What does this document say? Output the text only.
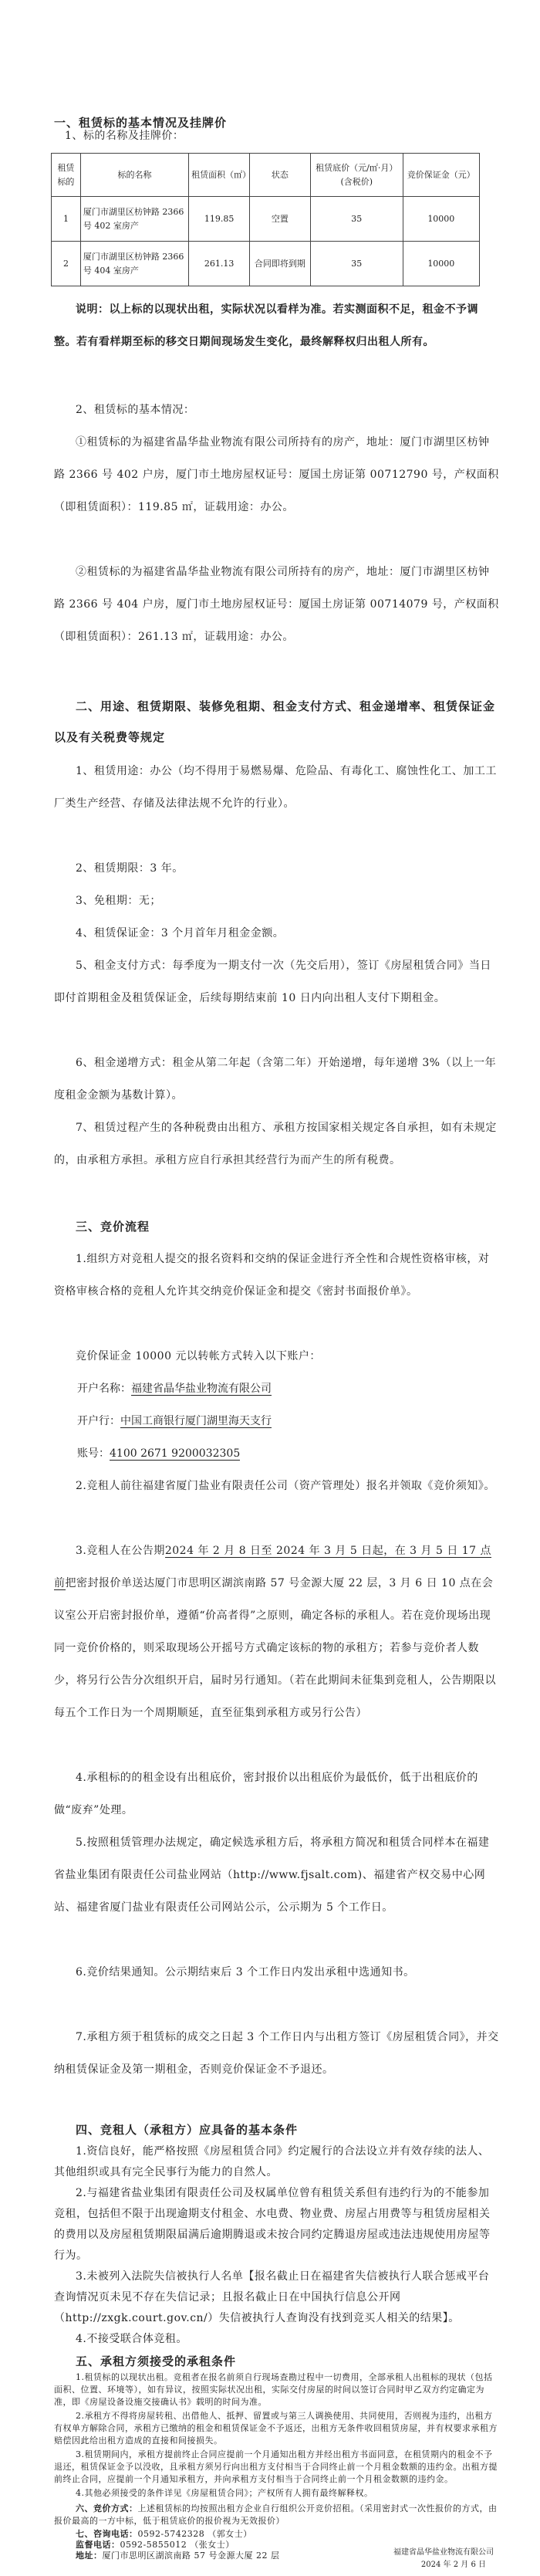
一、租赁标的基本情况及挂牌价
1、标的名称及挂牌价：
租赁标的	标的名称	租赁面积（㎡）	状态	租赁底价（元/㎡·月）(含税价)	竞价保证金（元）
1	厦门市湖里区枋钟路 2366 号 402 室房产	119.85	空置	35	10000
2	厦门市湖里区枋钟路 2366 号 404 室房产	261.13	合同即将到期	35	10000
说明：以上标的以现状出租，实际状况以看样为准。若实测面积不足，租金不予调整。若有看样期至标的移交日期间现场发生变化，最终解释权归出租人所有。
2、租赁标的基本情况：
①租赁标的为福建省晶华盐业物流有限公司所持有的房产，地址：厦门市湖里区枋钟路 2366 号 402 户房，厦门市土地房屋权证号：厦国土房证第 00712790 号，产权面积（即租赁面积）：119.85 ㎡，证载用途：办公。
②租赁标的为福建省晶华盐业物流有限公司所持有的房产，地址：厦门市湖里区枋钟路 2366 号 404 户房，厦门市土地房屋权证号：厦国土房证第 00714079 号，产权面积（即租赁面积）：261.13 ㎡，证载用途：办公。
二、用途、租赁期限、装修免租期、租金支付方式、租金递增率、租赁保证金以及有关税费等规定
1、租赁用途：办公（均不得用于易燃易爆、危险品、有毒化工、腐蚀性化工、加工工厂类生产经营、存储及法律法规不允许的行业）。
2、租赁期限：3 年。
3、免租期：无；
4、租赁保证金：3 个月首年月租金金额。
5、租金支付方式：每季度为一期支付一次（先交后用），签订《房屋租赁合同》当日即付首期租金及租赁保证金，后续每期结束前 10 日内向出租人支付下期租金。
6、租金递增方式：租金从第二年起（含第二年）开始递增，每年递增 3%（以上一年度租金金额为基数计算）。
7、租赁过程产生的各种税费由出租方、承租方按国家相关规定各自承担，如有未规定的，由承租方承担。承租方应自行承担其经营行为而产生的所有税费。
三、竞价流程
1.组织方对竞租人提交的报名资料和交纳的保证金进行齐全性和合规性资格审核，对资格审核合格的竞租人允许其交纳竞价保证金和提交《密封书面报价单》。
竞价保证金 10000 元以转帐方式转入以下账户：
开户名称：福建省晶华盐业物流有限公司
开户行：中国工商银行厦门湖里海天支行
账号：4100 2671 9200032305
2.竞租人前往福建省厦门盐业有限责任公司（资产管理处）报名并领取《竞价须知》。
3.竞租人在公告期2024 年 2 月 8 日至 2024 年 3 月 5 日起，在 3 月 5 日 17 点前把密封报价单送达厦门市思明区湖滨南路 57 号金源大厦 22 层，3 月 6 日 10 点在会议室公开启密封报价单，遵循“价高者得”之原则，确定各标的承租人。若在竞价现场出现同一竞价价格的，则采取现场公开摇号方式确定该标的物的承租方；若参与竞价者人数少，将另行公告分次组织开启，届时另行通知。（若在此期间未征集到竞租人，公告期限以每五个工作日为一个周期顺延，直至征集到承租方或另行公告）
4.承租标的的租金设有出租底价，密封报价以出租底价为最低价，低于出租底价的做“废弃”处理。
5.按照租赁管理办法规定，确定候选承租方后，将承租方简况和租赁合同样本在福建省盐业集团有限责任公司盐业网站（http://www.fjsalt.com)、福建省产权交易中心网站、福建省厦门盐业有限责任公司网站公示，公示期为 5 个工作日。
6.竞价结果通知。公示期结束后 3 个工作日内发出承租中选通知书。
7.承租方须于租赁标的成交之日起 3 个工作日内与出租方签订《房屋租赁合同》，并交纳租赁保证金及第一期租金，否则竞价保证金不予退还。
四、竞租人（承租方）应具备的基本条件
1.资信良好，能严格按照《房屋租赁合同》约定履行的合法设立并有效存续的法人、其他组织或具有完全民事行为能力的自然人。
2.与福建省盐业集团有限责任公司及权属单位曾有租赁关系但有违约行为的不能参加竞租，包括但不限于出现逾期支付租金、水电费、物业费、房屋占用费等与租赁房屋相关的费用以及房屋租赁期限届满后逾期腾退或未按合同约定腾退房屋或违法违规使用房屋等行为。
3.未被列入法院失信被执行人名单【报名截止日在福建省失信被执行人联合惩戒平台查询情况页未见不存在失信记录；且报名截止日在中国执行信息公开网（http://zxgk.court.gov.cn/）失信被执行人查询没有找到竞买人相关的结果】。
4.不接受联合体竞租。
五、承租方须接受的承租条件
1.租赁标的以现状出租。竞租者在报名前须自行现场查勘过程中一切费用，全部承租人出租标的现状（包括面积、位置、环境等），如有异议，按照实际状况出租，实际交付房屋的时间以签订合同时甲乙双方约定确定为准，即《房屋设备设施交接确认书》载明的时间为准。
2.承租方不得将房屋转租、出借他人、抵押、留置或与第三人调换使用、共同使用，否则视为违约，出租方有权单方解除合同，承租方已缴纳的租金和租赁保证金不予返还，出租方无条件收回租赁房屋，并有权要求承租方赔偿因此给出租方造成的直接和间接损失。
3.租赁期间内，承租方提前终止合同应提前一个月通知出租方并经出租方书面同意，在租赁期内的租金不予退还，租赁保证金予以没收，且承租方须另行向出租方支付相当于合同终止前一个月租金数额的违约金。出租方提前终止合同，应提前一个月通知承租方，并向承租方支付相当于合同终止前一个月租金数额的违约金。
4.其他必须接受的条件详见《房屋租赁合同》；产权所有人拥有最终解释权。
六、竞价方式：上述租赁标的均按照出租方企业自行组织公开竞价招租。（采用密封式一次性报价的方式，由报价最高的一方中标，低于租赁底价的报价视为无效报价）
七、咨询电话：0592-5742328 （郭女士）
监督电话：0592-5855012 （张女士）
地址：厦门市思明区湖滨南路 57 号金源大厦 22 层	福建省晶华盐业物流有限公司
2024 年 2 月 6 日
